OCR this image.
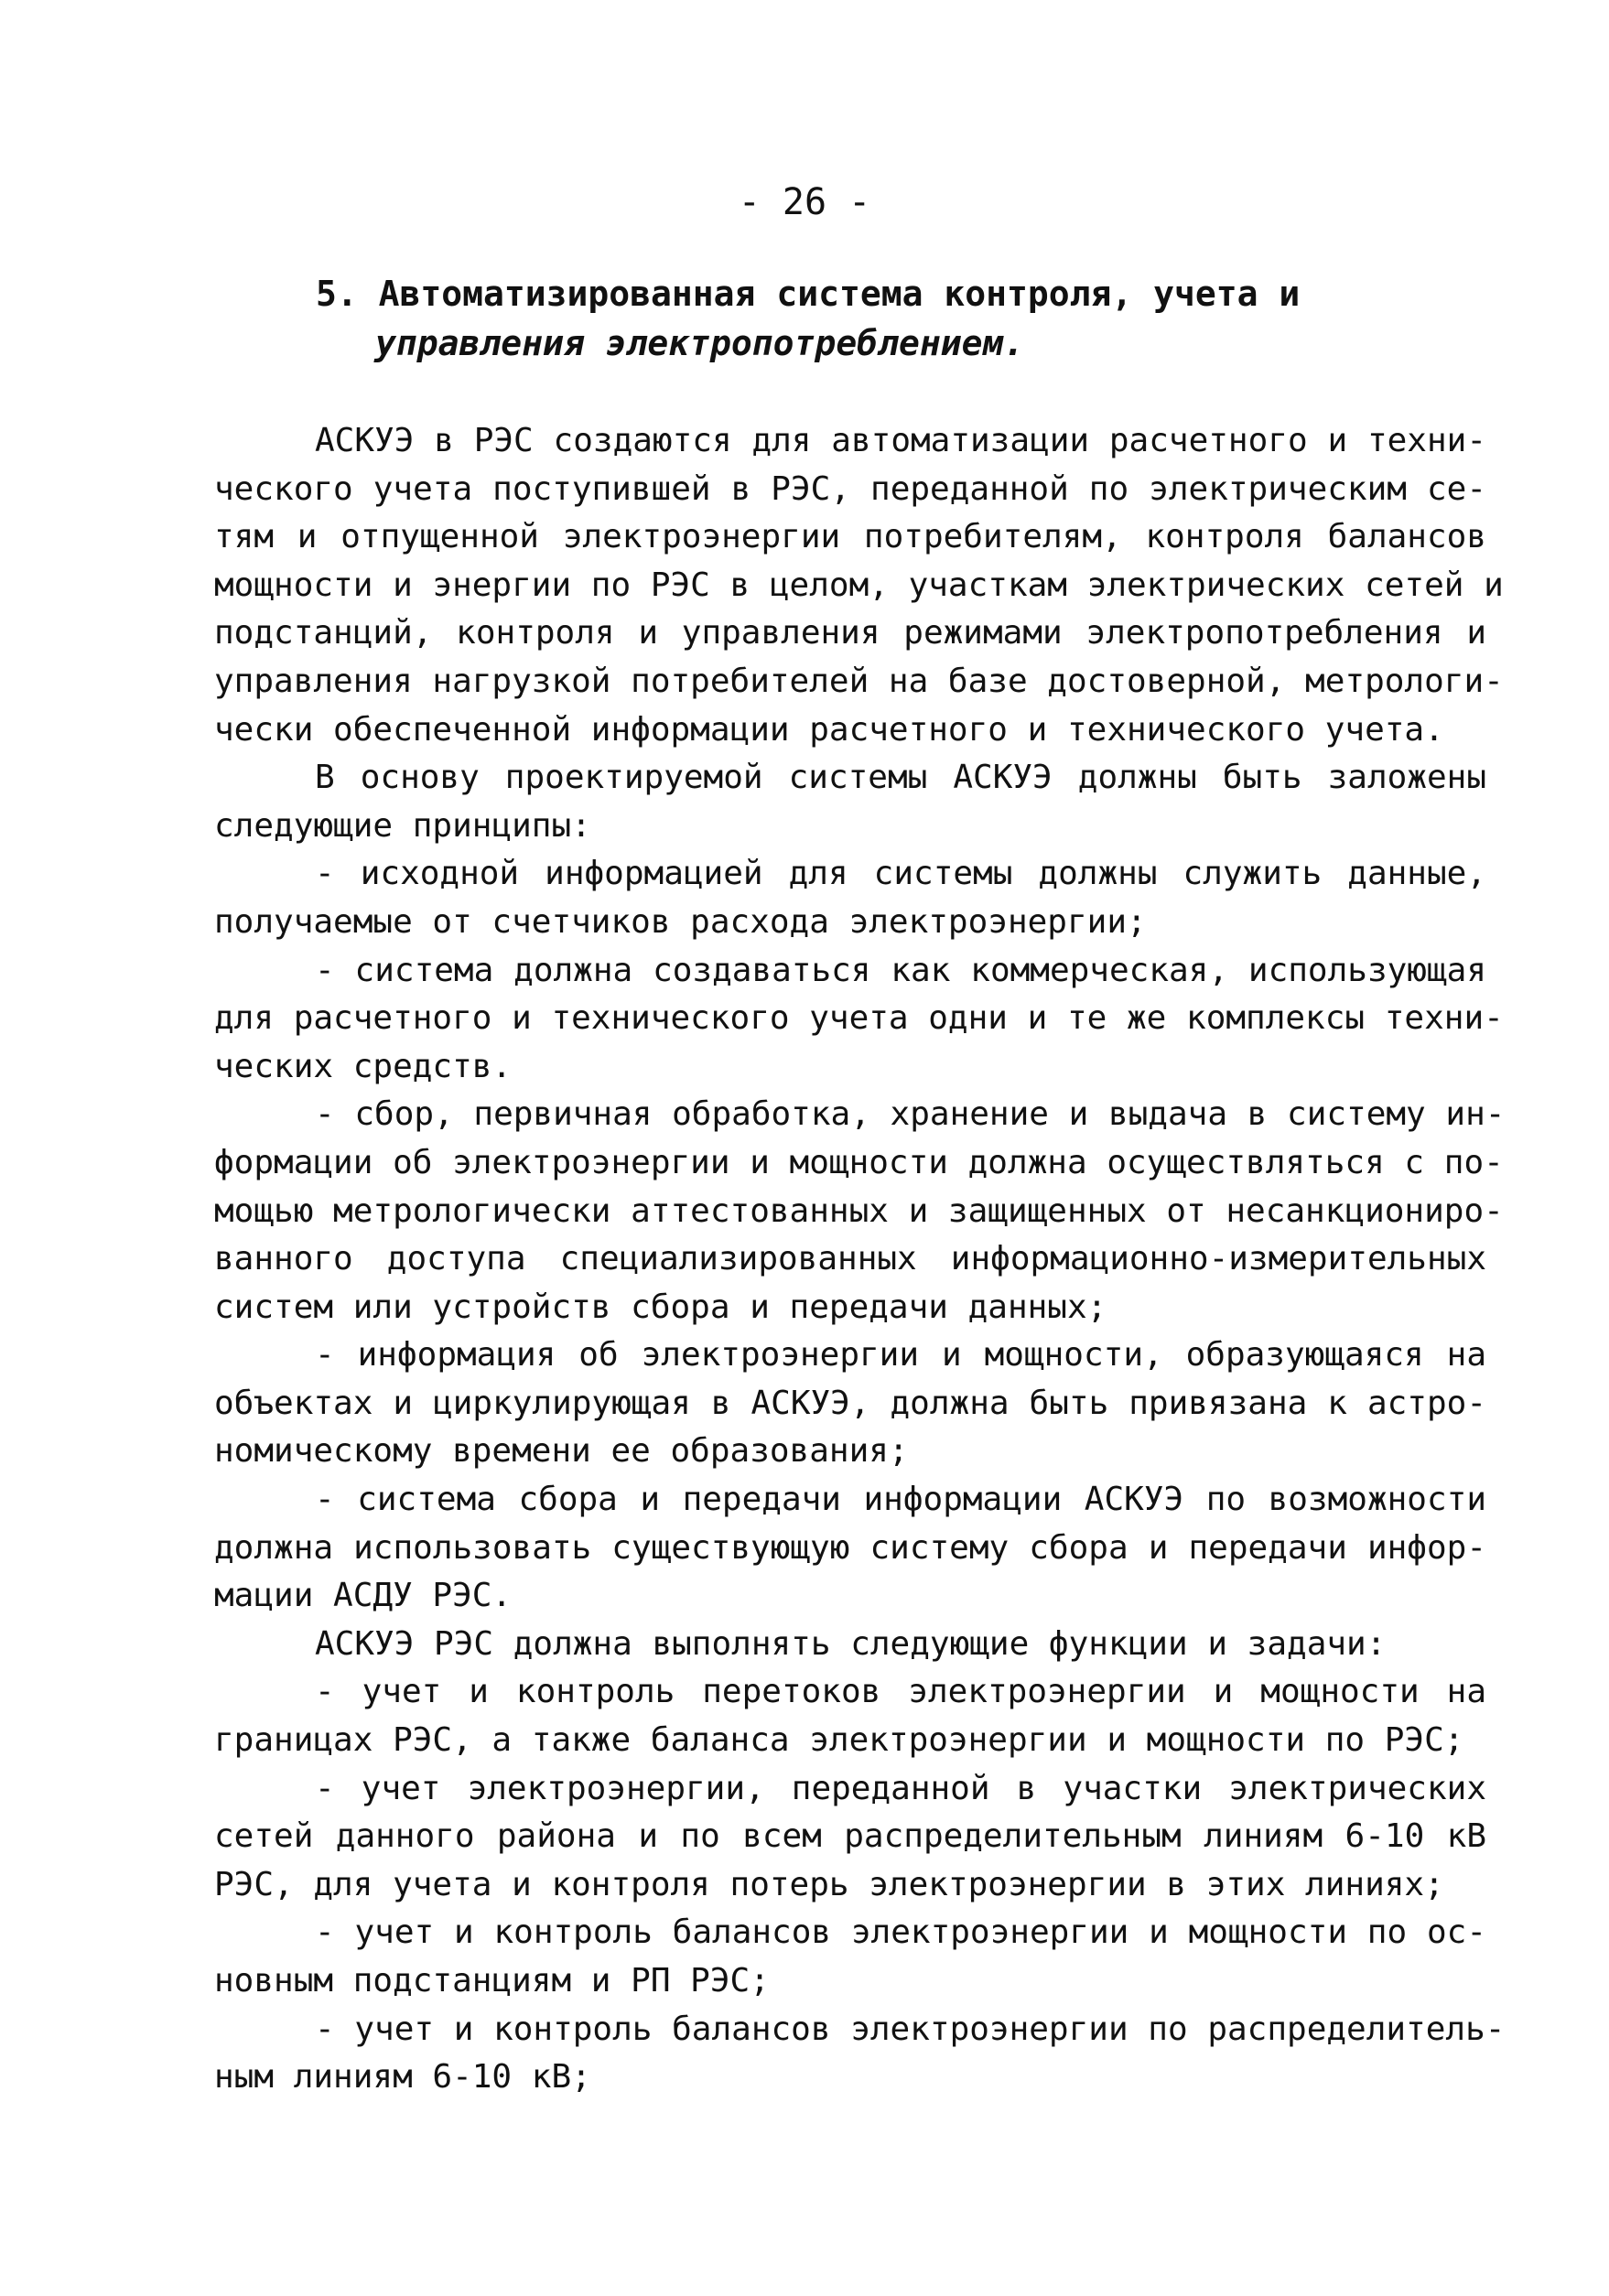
- 26 -
5. Автоматизированная система контроля, учета и
управления электропотреблением.
АСКУЭ в РЭС создаются для автоматизации расчетного и техни-
ческого учета поступившей в РЭС, переданной по электрическим се-
тям и отпущенной электроэнергии потребителям, контроля балансов
мощности и энергии по РЭС в целом, участкам электрических сетей и
подстанций, контроля и управления режимами электропотребления и
управления нагрузкой потребителей на базе достоверной, метрологи-
чески обеспеченной информации расчетного и технического учета.
В основу проектируемой системы АСКУЭ должны быть заложены
следующие принципы:
- исходной информацией для системы должны служить данные,
получаемые от счетчиков расхода электроэнергии;
- система должна создаваться как коммерческая, использующая
для расчетного и технического учета одни и те же комплексы техни-
ческих средств.
- сбор, первичная обработка, хранение и выдача в систему ин-
формации об электроэнергии и мощности должна осуществляться с по-
мощью метрологически аттестованных и защищенных от несанкциониро-
ванного доступа специализированных информационно-измерительных
систем или устройств сбора и передачи данных;
- информация об электроэнергии и мощности, образующаяся на
объектах и циркулирующая в АСКУЭ, должна быть привязана к астро-
номическому времени ее образования;
- система сбора и передачи информации АСКУЭ по возможности
должна использовать существующую систему сбора и передачи инфор-
мации АСДУ РЭС.
АСКУЭ РЭС должна выполнять следующие функции и задачи:
- учет и контроль перетоков электроэнергии и мощности на
границах РЭС, а также баланса электроэнергии и мощности по РЭС;
- учет электроэнергии, переданной в участки электрических
сетей данного района и по всем распределительным линиям 6-10 кВ
РЭС, для учета и контроля потерь электроэнергии в этих линиях;
- учет и контроль балансов электроэнергии и мощности по ос-
новным подстанциям и РП РЭС;
- учет и контроль балансов электроэнергии по распределитель-
ным линиям 6-10 кВ;
